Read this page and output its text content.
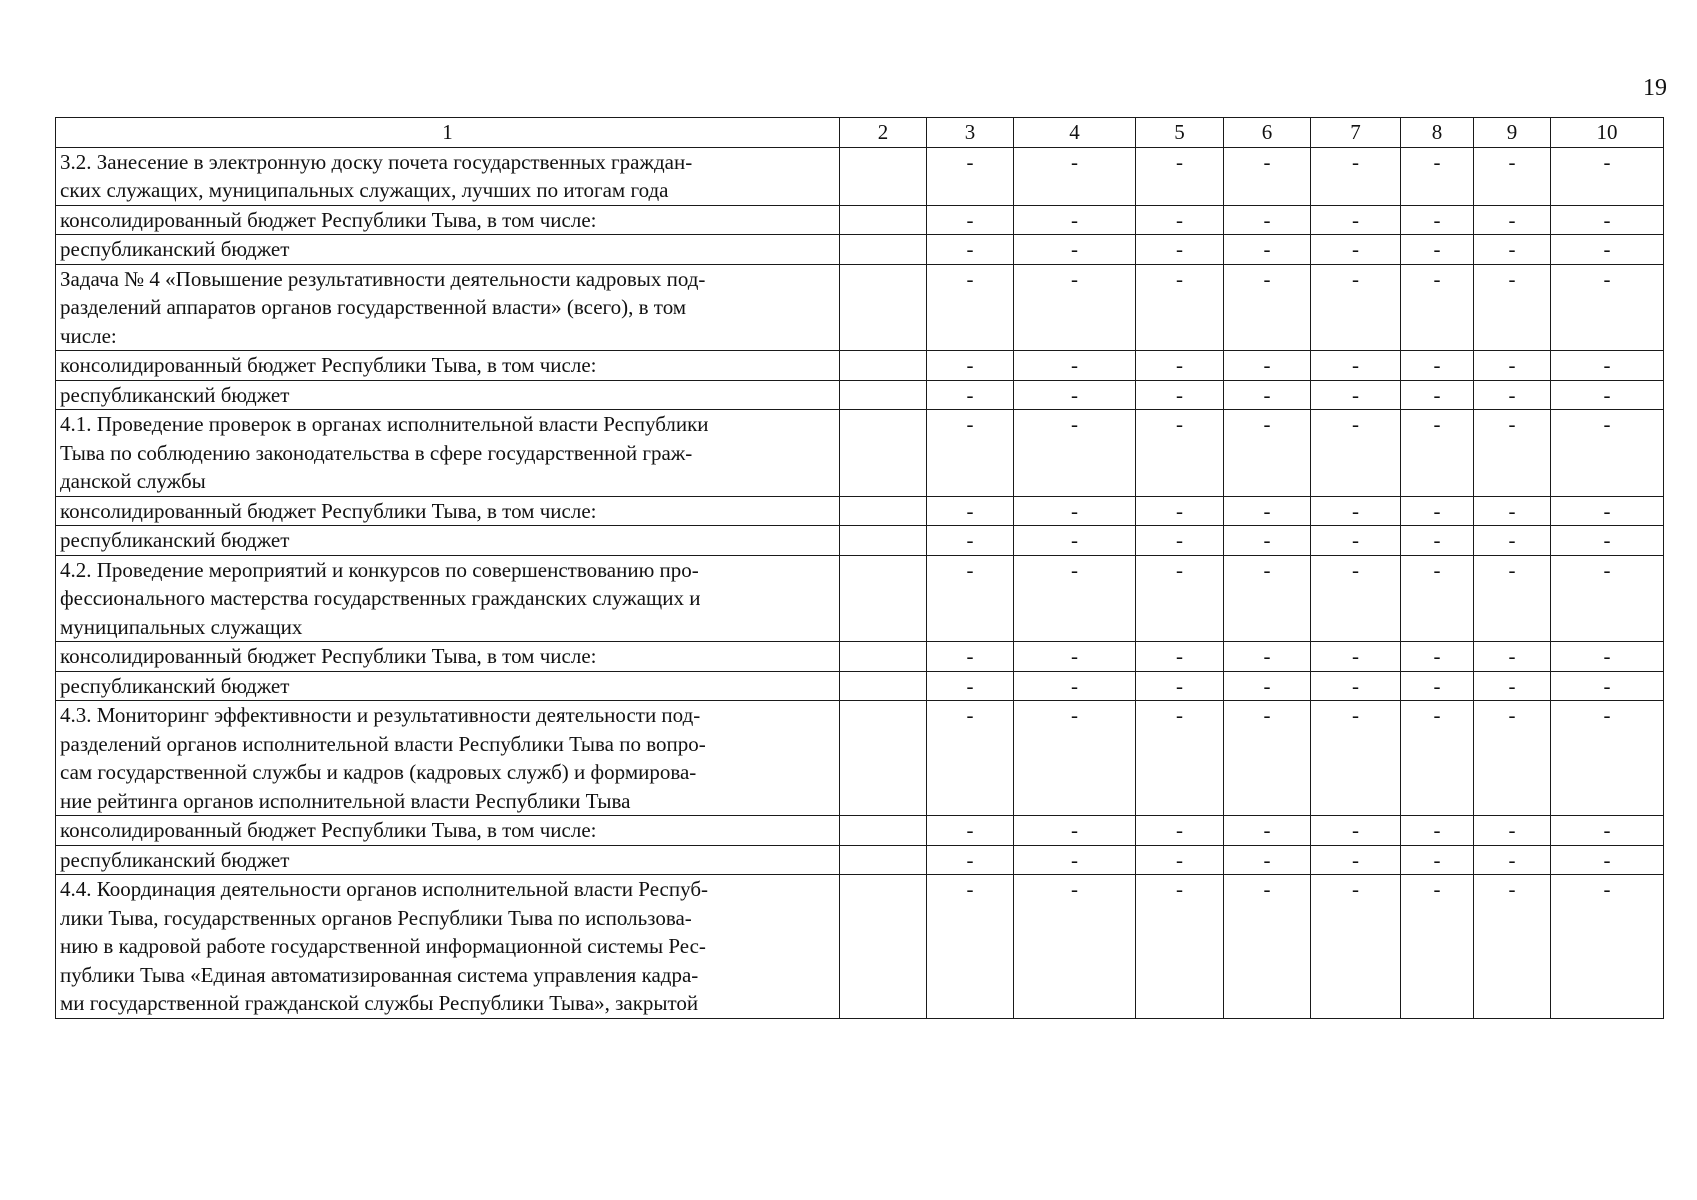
19
1	2	3	4	5	6	7	8	9	10

3.2. Занесение в электронную доску почета государственных граждан-
ских служащих, муниципальных служащих, лучших по итогам года		-	-	-	-	-	-	-	-

консолидированный бюджет Республики Тыва, в том числе:		-	-	-	-	-	-	-	-

республиканский бюджет		-	-	-	-	-	-	-	-

Задача № 4 «Повышение результативности деятельности кадровых под-
разделений аппаратов органов государственной власти» (всего), в том
числе:		-	-	-	-	-	-	-	-

консолидированный бюджет Республики Тыва, в том числе:		-	-	-	-	-	-	-	-

республиканский бюджет		-	-	-	-	-	-	-	-

4.1. Проведение проверок в органах исполнительной власти Республики
Тыва по соблюдению законодательства в сфере государственной граж-
данской службы		-	-	-	-	-	-	-	-

консолидированный бюджет Республики Тыва, в том числе:		-	-	-	-	-	-	-	-

республиканский бюджет		-	-	-	-	-	-	-	-

4.2. Проведение мероприятий и конкурсов по совершенствованию про-
фессионального мастерства государственных гражданских служащих и
муниципальных служащих		-	-	-	-	-	-	-	-

консолидированный бюджет Республики Тыва, в том числе:		-	-	-	-	-	-	-	-

республиканский бюджет		-	-	-	-	-	-	-	-

4.3. Мониторинг эффективности и результативности деятельности под-
разделений органов исполнительной власти Республики Тыва по вопро-
сам государственной службы и кадров (кадровых служб) и формирова-
ние рейтинга органов исполнительной власти Республики Тыва		-	-	-	-	-	-	-	-

консолидированный бюджет Республики Тыва, в том числе:		-	-	-	-	-	-	-	-

республиканский бюджет		-	-	-	-	-	-	-	-

4.4. Координация деятельности органов исполнительной власти Респуб-
лики Тыва, государственных органов Республики Тыва по использова-
нию в кадровой работе государственной информационной системы Рес-
публики Тыва «Единая автоматизированная система управления кадра-
ми государственной гражданской службы Республики Тыва», закрытой		-	-	-	-	-	-	-	-
